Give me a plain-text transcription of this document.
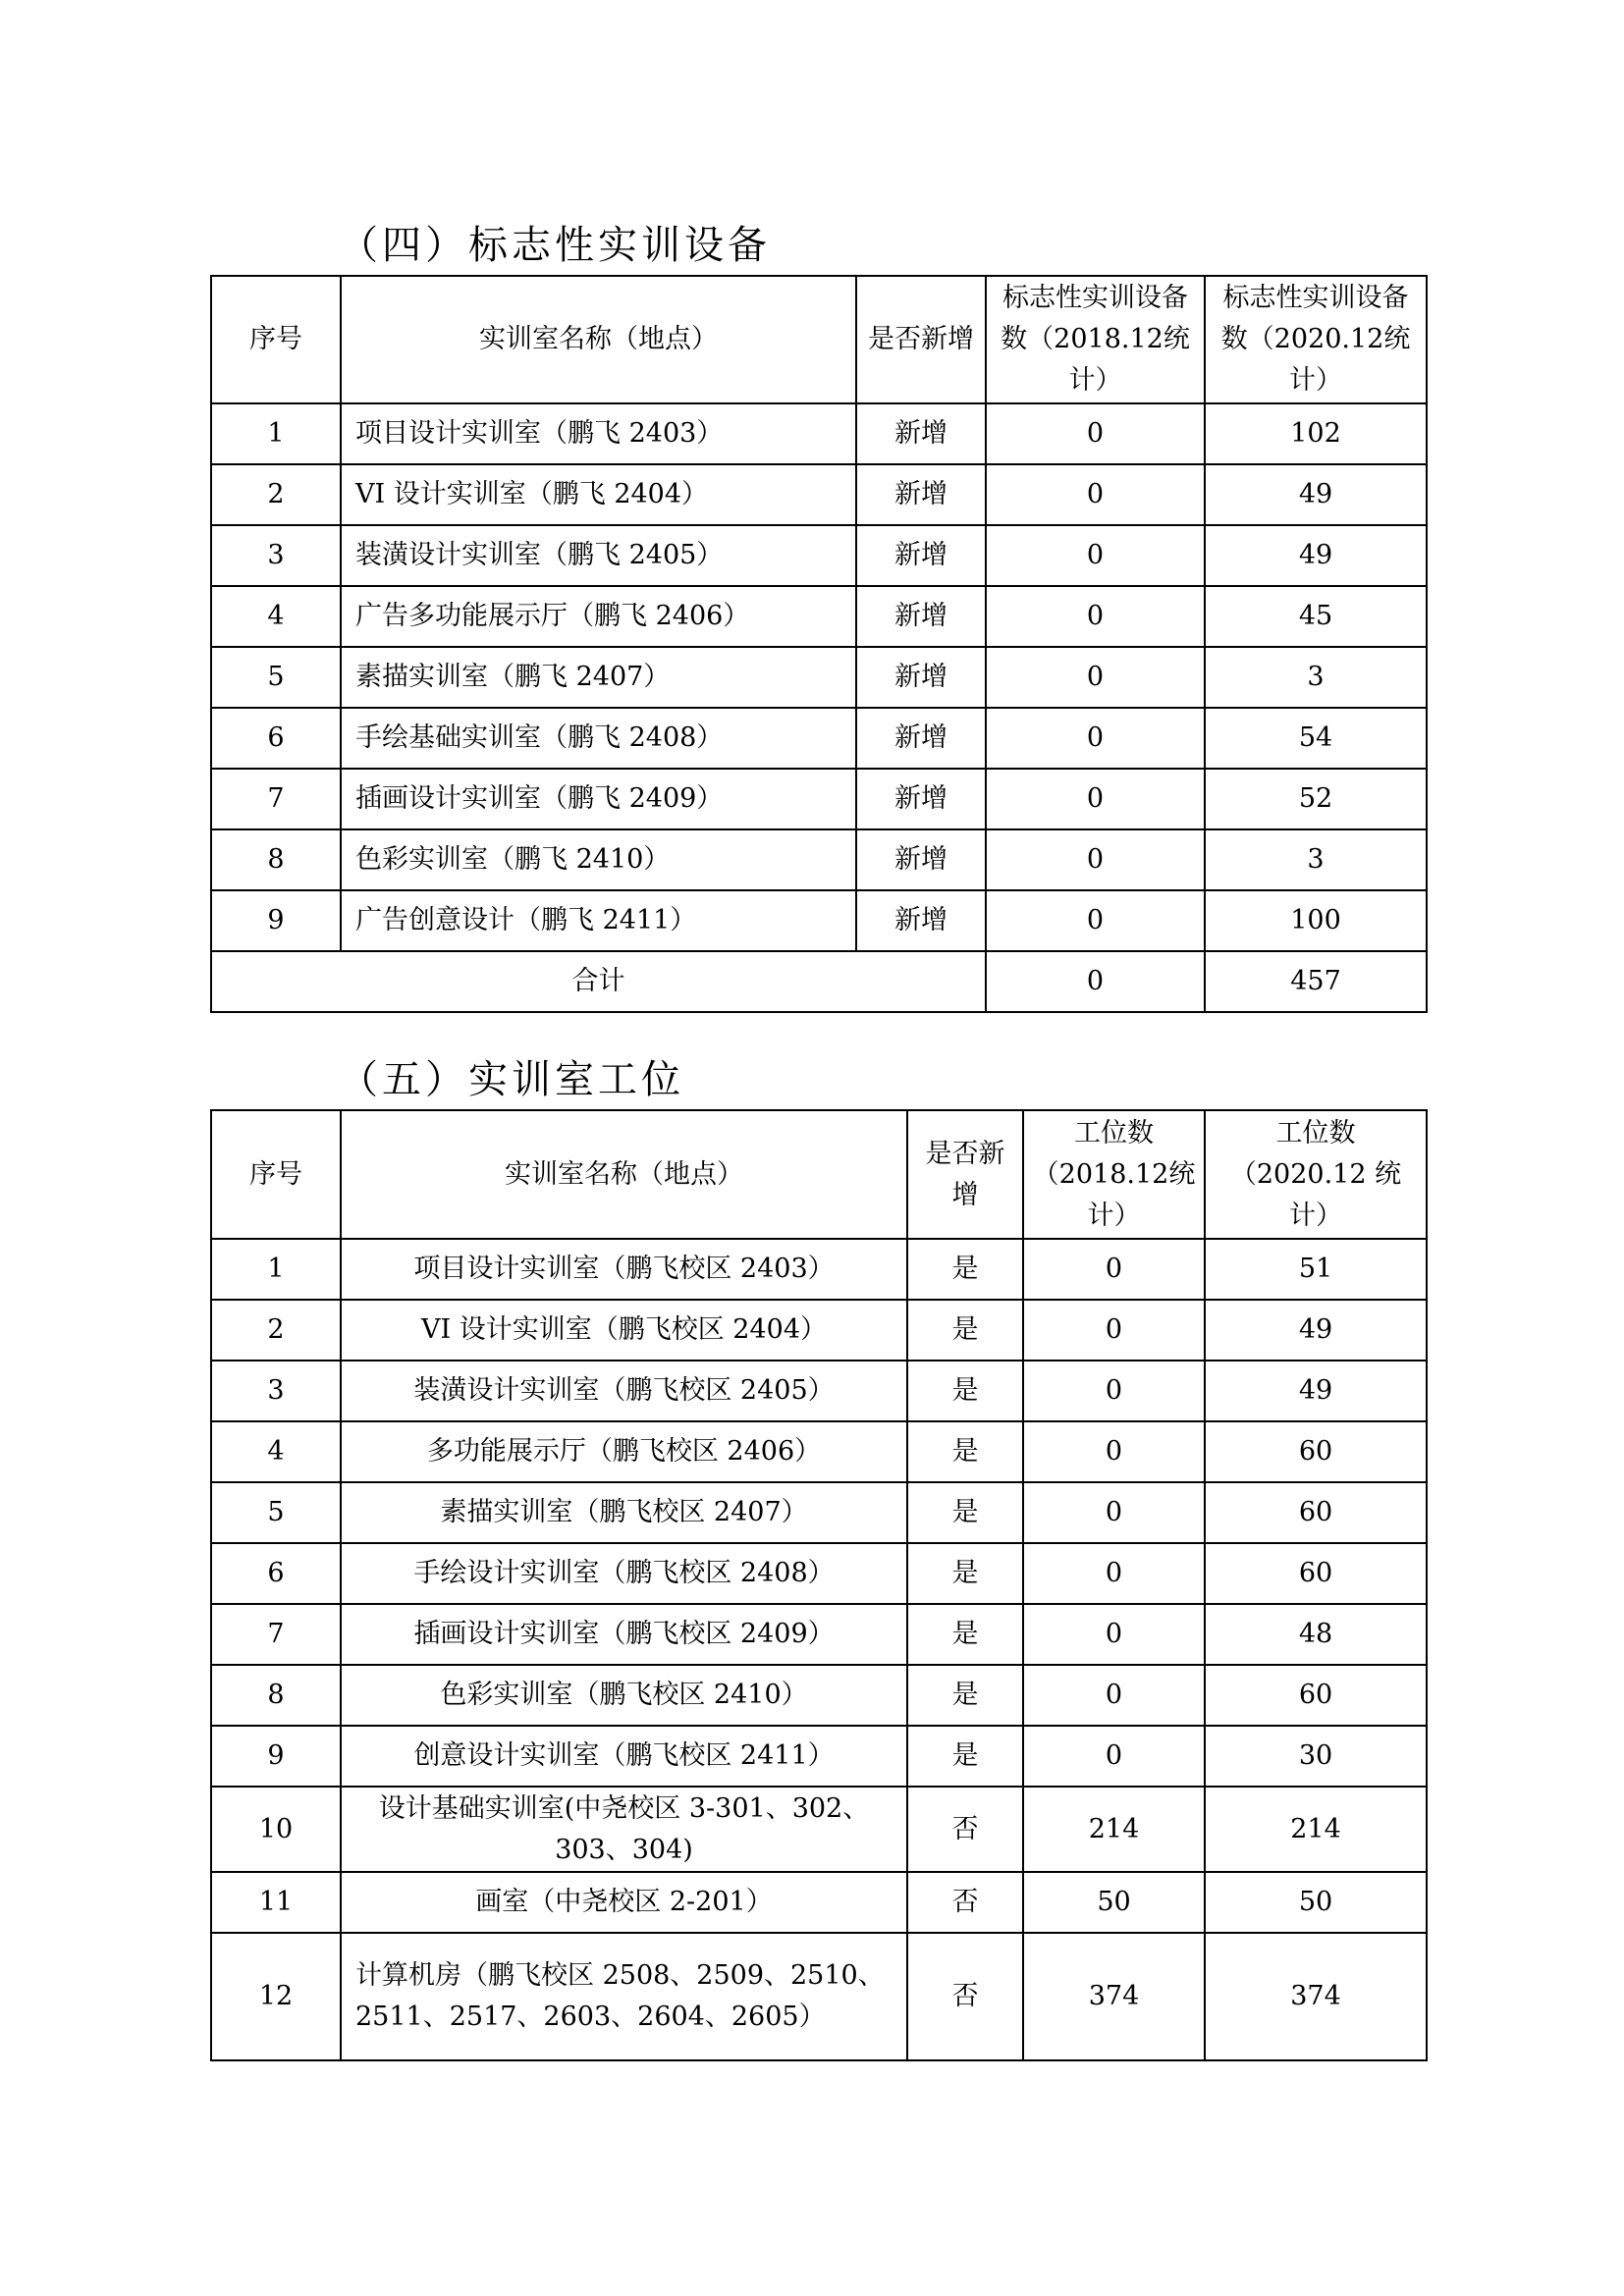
（四）标志性实训设备
序号	实训室名称（地点）	是否新增	标志性实训设备数（2018.12统计）	标志性实训设备数（2020.12统计）
1	项目设计实训室（鹏飞 2403）	新增	0	102
2	VI 设计实训室（鹏飞 2404）	新增	0	49
3	装潢设计实训室（鹏飞 2405）	新增	0	49
4	广告多功能展示厅（鹏飞 2406）	新增	0	45
5	素描实训室（鹏飞 2407）	新增	0	3
6	手绘基础实训室（鹏飞 2408）	新增	0	54
7	插画设计实训室（鹏飞 2409）	新增	0	52
8	色彩实训室（鹏飞 2410）	新增	0	3
9	广告创意设计（鹏飞 2411）	新增	0	100
合计			0	457
（五）实训室工位
序号	实训室名称（地点）	是否新增	工位数（2018.12统计）	工位数（2020.12 统计）
1	项目设计实训室（鹏飞校区 2403）	是	0	51
2	VI 设计实训室（鹏飞校区 2404）	是	0	49
3	装潢设计实训室（鹏飞校区 2405）	是	0	49
4	多功能展示厅（鹏飞校区 2406）	是	0	60
5	素描实训室（鹏飞校区 2407）	是	0	60
6	手绘设计实训室（鹏飞校区 2408）	是	0	60
7	插画设计实训室（鹏飞校区 2409）	是	0	48
8	色彩实训室（鹏飞校区 2410）	是	0	60
9	创意设计实训室（鹏飞校区 2411）	是	0	30
10	设计基础实训室(中尧校区 3-301、302、303、304)	否	214	214
11	画室（中尧校区 2-201）	否	50	50
12	计算机房（鹏飞校区 2508、2509、2510、2511、2517、2603、2604、2605）	否	374	374
